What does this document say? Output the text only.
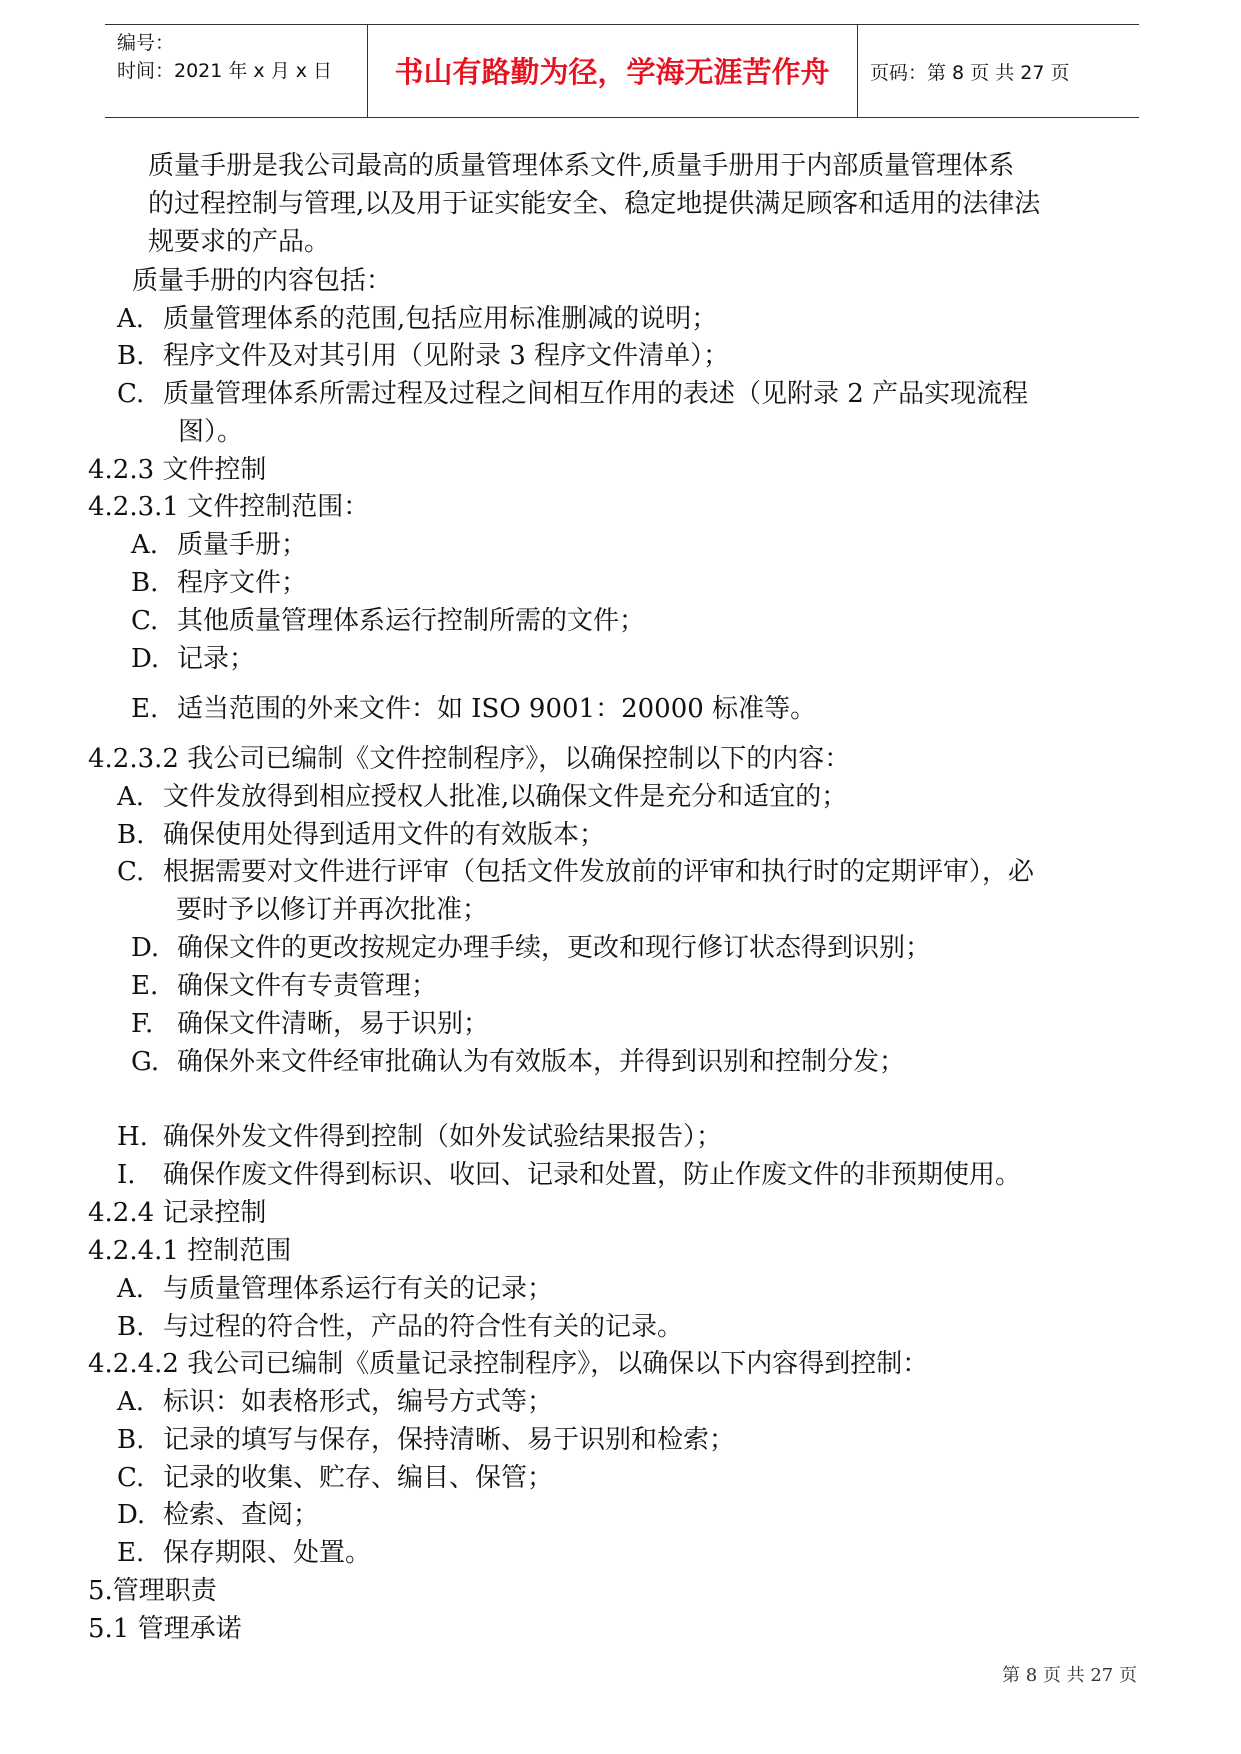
编号：
时间：2021 年 x 月 x 日	书山有路勤为径，学海无涯苦作舟	页码：第 8 页 共 27 页
质量手册是我公司最高的质量管理体系文件,质量手册用于内部质量管理体系
的过程控制与管理,以及用于证实能安全、稳定地提供满足顾客和适用的法律法
规要求的产品。
质量手册的内容包括：
A. 质量管理体系的范围,包括应用标准删减的说明；
B. 程序文件及对其引用（见附录 3 程序文件清单）；
C. 质量管理体系所需过程及过程之间相互作用的表述（见附录 2 产品实现流程
图）。
4.2.3 文件控制
4.2.3.1 文件控制范围：
A. 质量手册；
B. 程序文件；
C. 其他质量管理体系运行控制所需的文件；
D. 记录；
E. 适当范围的外来文件：如 ISO 9001：20000 标准等。
4.2.3.2 我公司已编制《文件控制程序》，以确保控制以下的内容：
A. 文件发放得到相应授权人批准,以确保文件是充分和适宜的；
B. 确保使用处得到适用文件的有效版本；
C. 根据需要对文件进行评审（包括文件发放前的评审和执行时的定期评审），必
要时予以修订并再次批准；
D. 确保文件的更改按规定办理手续，更改和现行修订状态得到识别；
E. 确保文件有专责管理；
F. 确保文件清晰，易于识别；
G. 确保外来文件经审批确认为有效版本，并得到识别和控制分发；
H. 确保外发文件得到控制（如外发试验结果报告）；
I. 确保作废文件得到标识、收回、记录和处置，防止作废文件的非预期使用。
4.2.4 记录控制
4.2.4.1 控制范围
A. 与质量管理体系运行有关的记录；
B. 与过程的符合性，产品的符合性有关的记录。
4.2.4.2 我公司已编制《质量记录控制程序》，以确保以下内容得到控制：
A. 标识：如表格形式，编号方式等；
B. 记录的填写与保存，保持清晰、易于识别和检索；
C. 记录的收集、贮存、编目、保管；
D. 检索、查阅；
E. 保存期限、处置。
5.管理职责
5.1 管理承诺
第 8 页 共 27 页
